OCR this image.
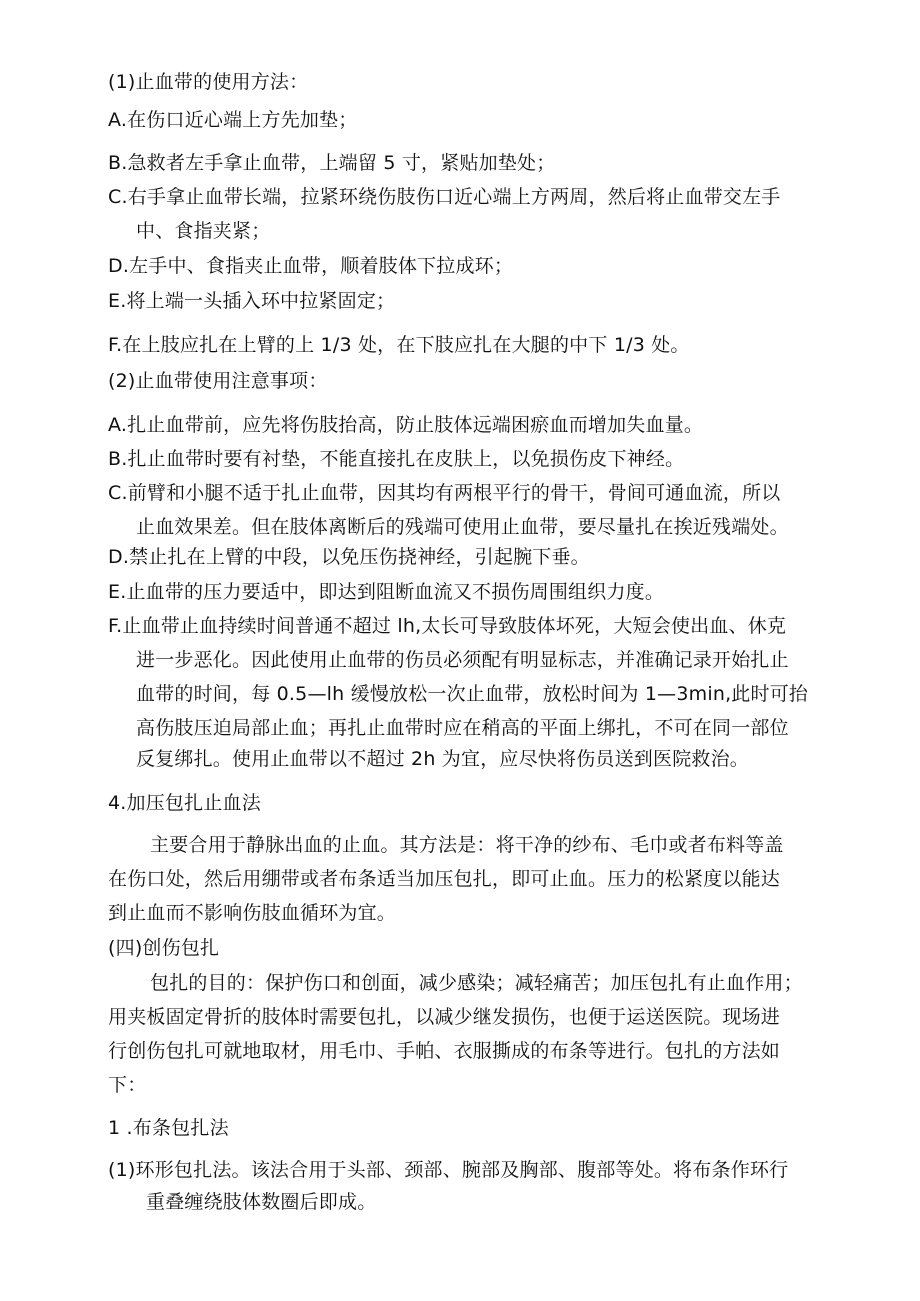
(1)止血带的使用方法：
A.在伤口近心端上方先加垫；
B.急救者左手拿止血带，上端留 5 寸，紧贴加垫处；
C.右手拿止血带长端，拉紧环绕伤肢伤口近心端上方两周，然后将止血带交左手
中、食指夹紧；
D.左手中、食指夹止血带，顺着肢体下拉成环；
E.将上端一头插入环中拉紧固定；
F.在上肢应扎在上臂的上 1/3 处，在下肢应扎在大腿的中下 1/3 处。
(2)止血带使用注意事项：
A.扎止血带前，应先将伤肢抬高，防止肢体远端困瘀血而增加失血量。
B.扎止血带时要有衬垫，不能直接扎在皮肤上，以免损伤皮下神经。
C.前臂和小腿不适于扎止血带，因其均有两根平行的骨干，骨间可通血流，所以
止血效果差。但在肢体离断后的残端可使用止血带，要尽量扎在挨近残端处。
D.禁止扎在上臂的中段，以免压伤挠神经，引起腕下垂。
E.止血带的压力要适中，即达到阻断血流又不损伤周围组织力度。
F.止血带止血持续时间普通不超过 lh,太长可导致肢体坏死，大短会使出血、休克
进一步恶化。因此使用止血带的伤员必须配有明显标志，并准确记录开始扎止
血带的时间，每 0.5—lh 缓慢放松一次止血带，放松时间为 1—3min,此时可抬
高伤肢压迫局部止血；再扎止血带时应在稍高的平面上绑扎，不可在同一部位
反复绑扎。使用止血带以不超过 2h 为宜，应尽快将伤员送到医院救治。
4.加压包扎止血法
主要合用于静脉出血的止血。其方法是：将干净的纱布、毛巾或者布料等盖
在伤口处，然后用绷带或者布条适当加压包扎，即可止血。压力的松紧度以能达
到止血而不影响伤肢血循环为宜。
(四)创伤包扎
包扎的目的：保护伤口和创面，减少感染；减轻痛苦；加压包扎有止血作用；
用夹板固定骨折的肢体时需要包扎，以减少继发损伤，也便于运送医院。现场进
行创伤包扎可就地取材，用毛巾、手帕、衣服撕成的布条等进行。包扎的方法如
下：
1 .布条包扎法
(1)环形包扎法。该法合用于头部、颈部、腕部及胸部、腹部等处。将布条作环行
重叠缠绕肢体数圈后即成。
